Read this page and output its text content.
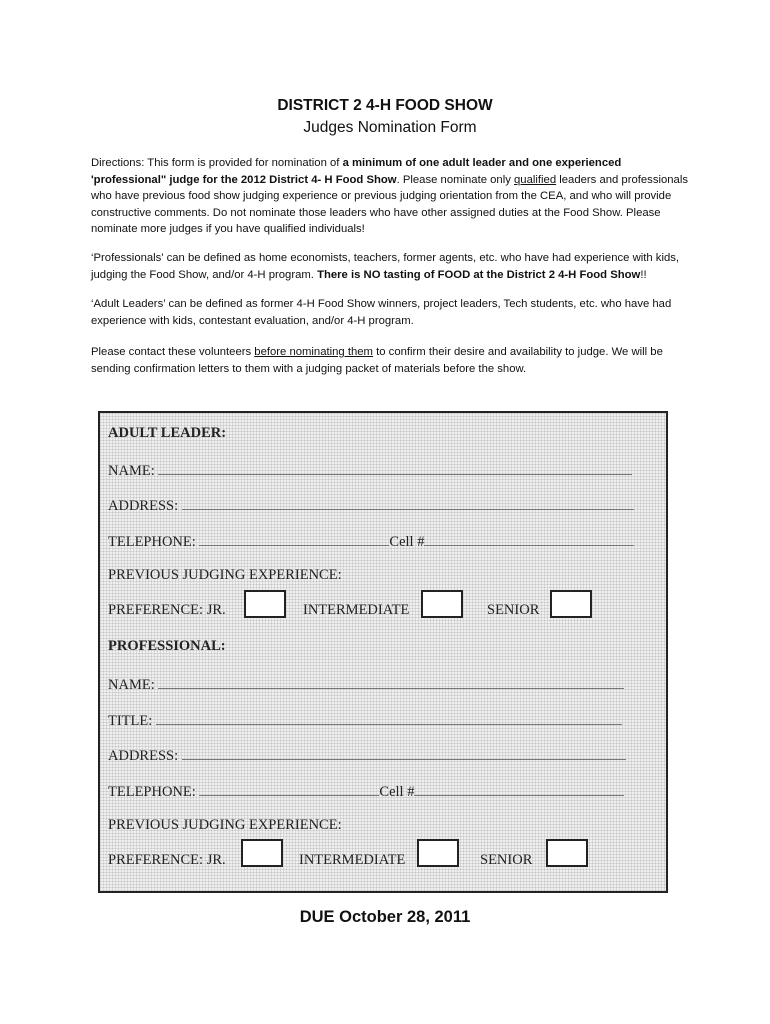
DISTRICT 2 4-H FOOD SHOW
Judges Nomination Form
Directions: This form is provided for nomination of a minimum of one adult leader and one experienced 'professional" judge for the 2012 District 4- H Food Show. Please nominate only qualified leaders and professionals who have previous food show judging experience or previous judging orientation from the CEA, and who will provide constructive comments. Do not nominate those leaders who have other assigned duties at the Food Show. Please nominate more judges if you have qualified individuals!
‘Professionals' can be defined as home economists, teachers, former agents, etc. who have had experience with kids, judging the Food Show, and/or 4-H program. There is NO tasting of FOOD at the District 2 4-H Food Show!!
‘Adult Leaders’ can be defined as former 4-H Food Show winners, project leaders, Tech students, etc. who have had experience with kids, contestant evaluation, and/or 4-H program.
Please contact these volunteers before nominating them to confirm their desire and availability to judge. We will be sending confirmation letters to them with a judging packet of materials before the show.
ADULT LEADER:
NAME:
ADDRESS:
TELEPHONE:	Cell #
PREVIOUS JUDGING EXPERIENCE:
PREFERENCE: JR.	INTERMEDIATE	SENIOR
PROFESSIONAL:
NAME:
TITLE:
ADDRESS:
TELEPHONE:	Cell #
PREVIOUS JUDGING EXPERIENCE:
PREFERENCE: JR.	INTERMEDIATE	SENIOR
DUE October 28, 2011
